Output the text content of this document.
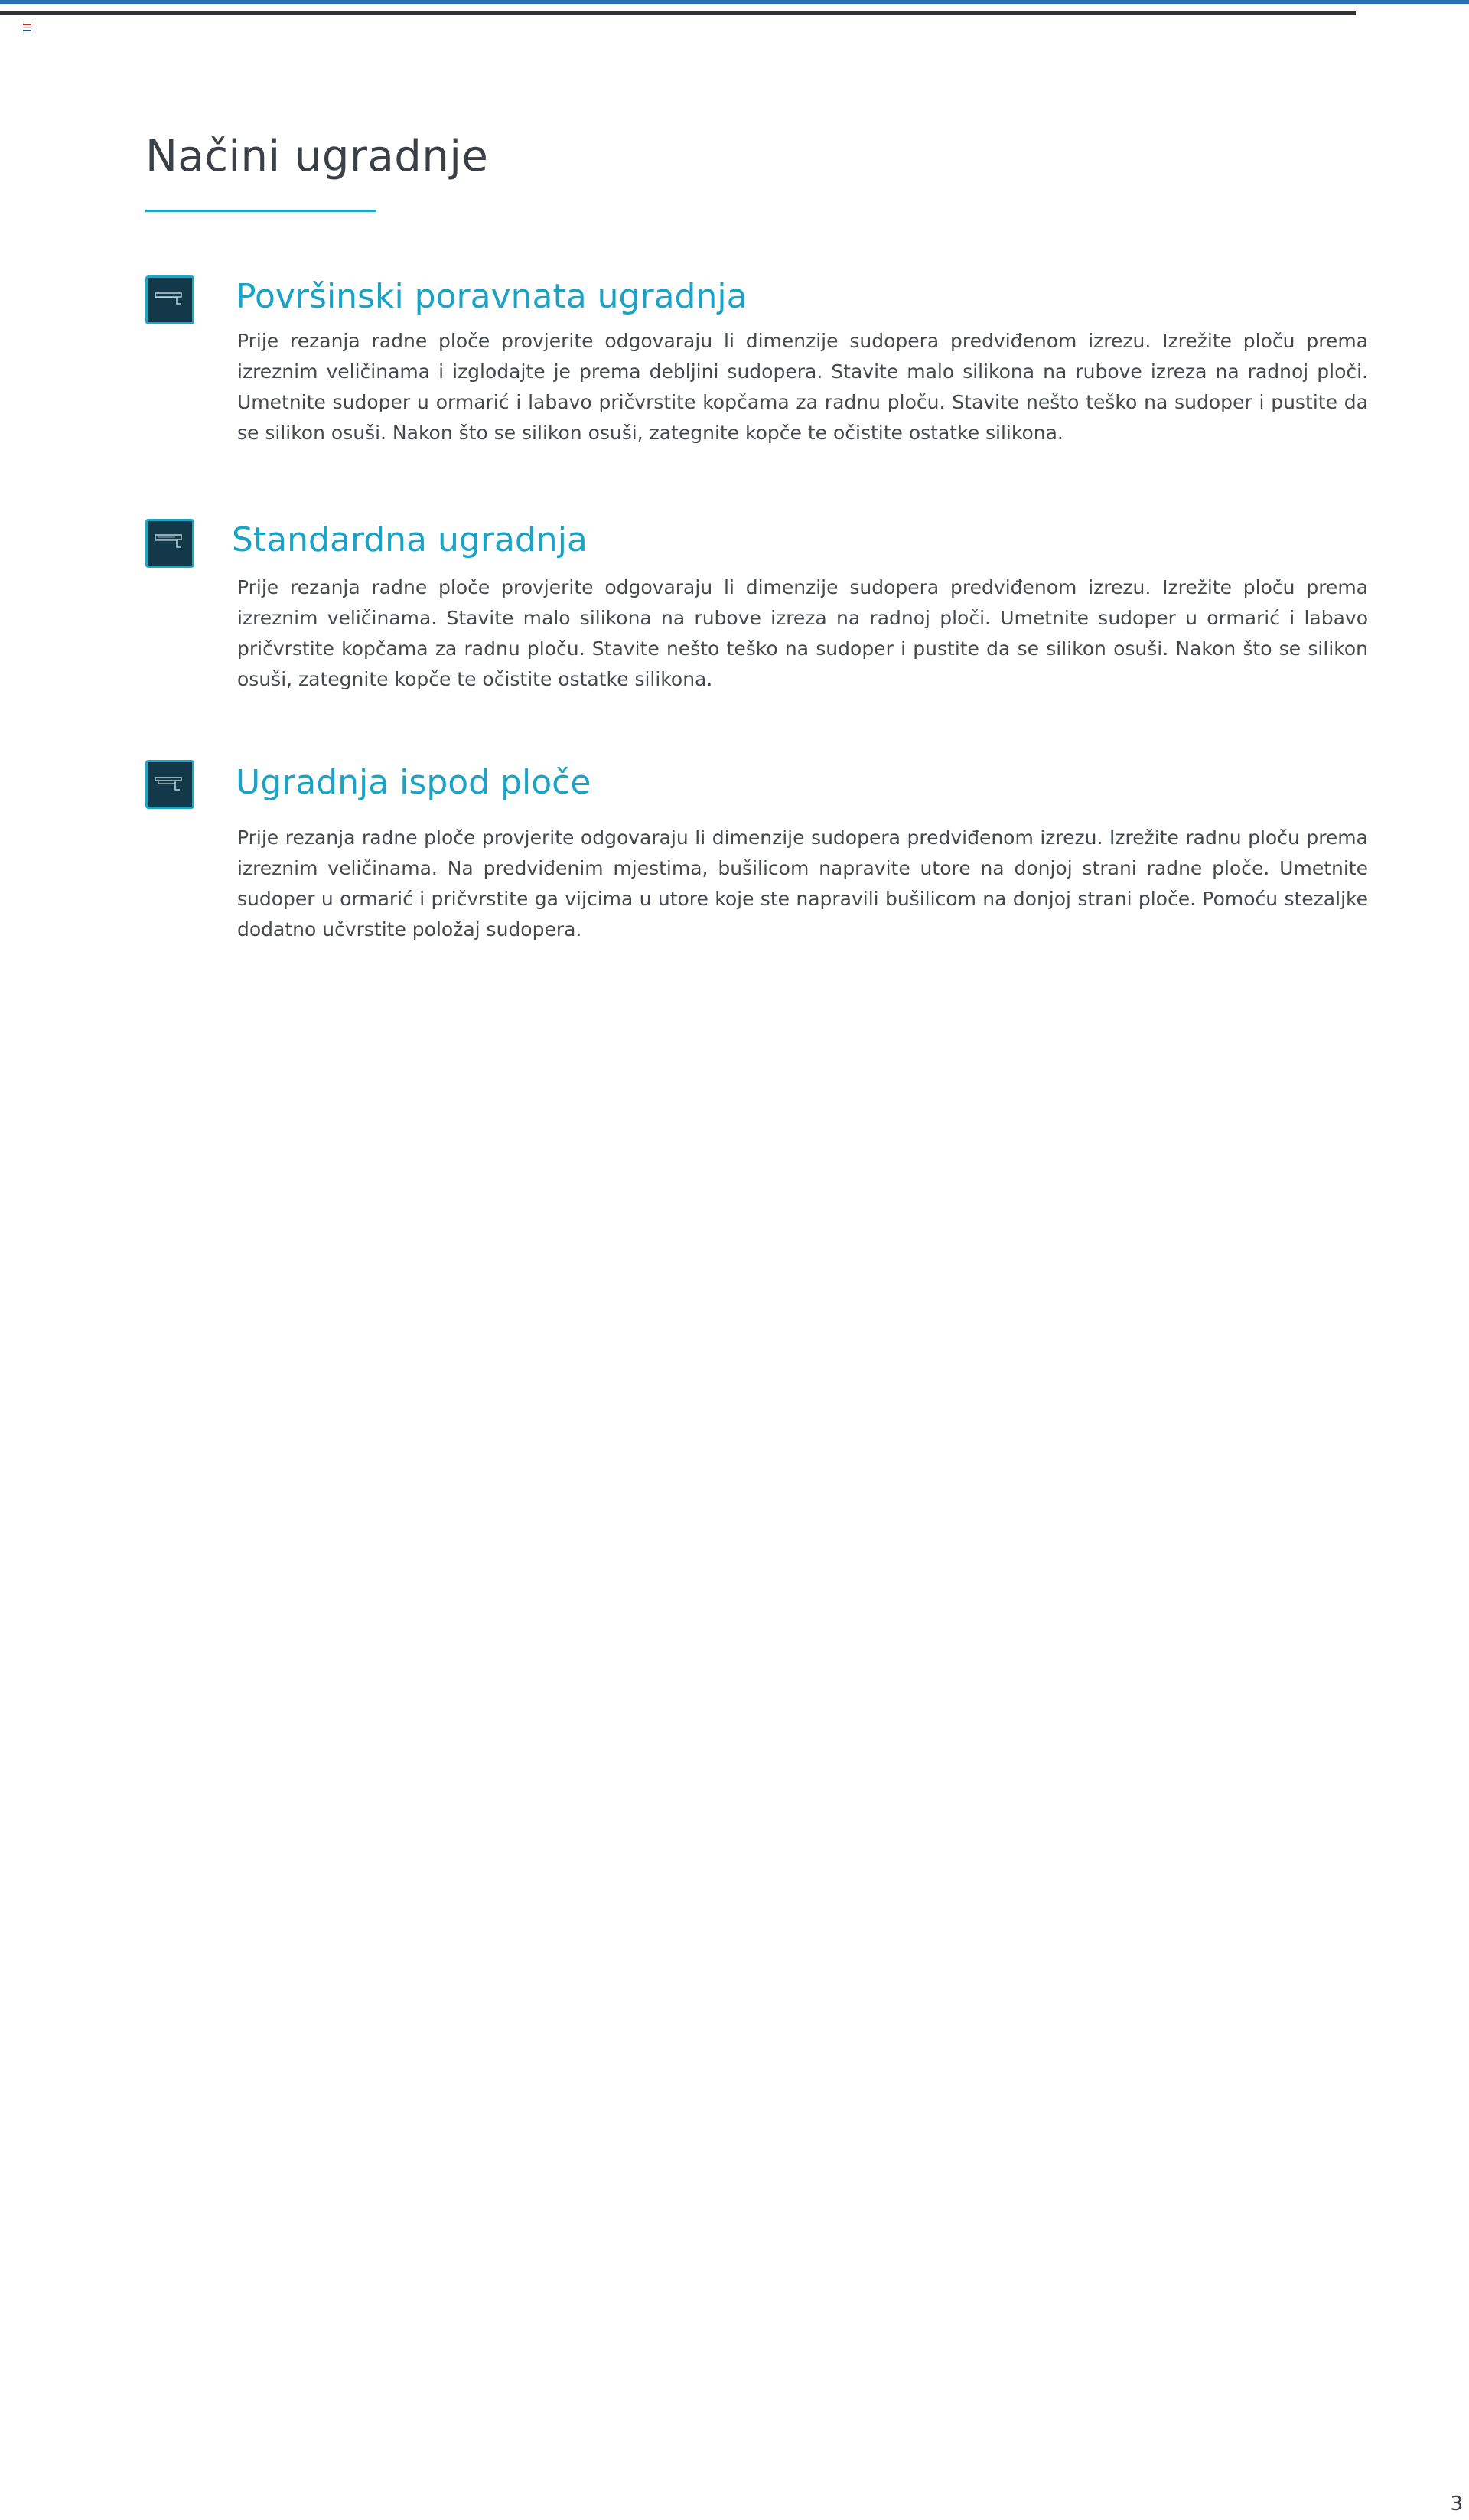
Načini ugradnje
Površinski poravnata ugradnja

Prije rezanja radne ploče provjerite odgovaraju li dimenzije sudopera predviđenom izrezu. Izrežite ploču prema izreznim veličinama i izglodajte je prema debljini sudopera. Stavite malo silikona na rubove izreza na radnoj ploči. Umetnite sudoper u ormarić i labavo pričvrstite kopčama za radnu ploču. Stavite nešto teško na sudoper i pustite da se silikon osuši. Nakon što se silikon osuši, zategnite kopče te očistite ostatke silikona.

Standardna ugradnja

Prije rezanja radne ploče provjerite odgovaraju li dimenzije sudopera predviđenom izrezu. Izrežite ploču prema izreznim veličinama. Stavite malo silikona na rubove izreza na radnoj ploči. Umetnite sudoper u ormarić i labavo pričvrstite kopčama za radnu ploču. Stavite nešto teško na sudoper i pustite da se silikon osuši. Nakon što se silikon osuši, zategnite kopče te očistite ostatke silikona.

Ugradnja ispod ploče

Prije rezanja radne ploče provjerite odgovaraju li dimenzije sudopera predviđenom izrezu. Izrežite radnu ploču prema izreznim veličinama. Na predviđenim mjestima, bušilicom napravite utore na donjoj strani radne ploče. Umetnite sudoper u ormarić i pričvrstite ga vijcima u utore koje ste napravili bušilicom na donjoj strani ploče. Pomoću stezaljke dodatno učvrstite položaj sudopera.

3
